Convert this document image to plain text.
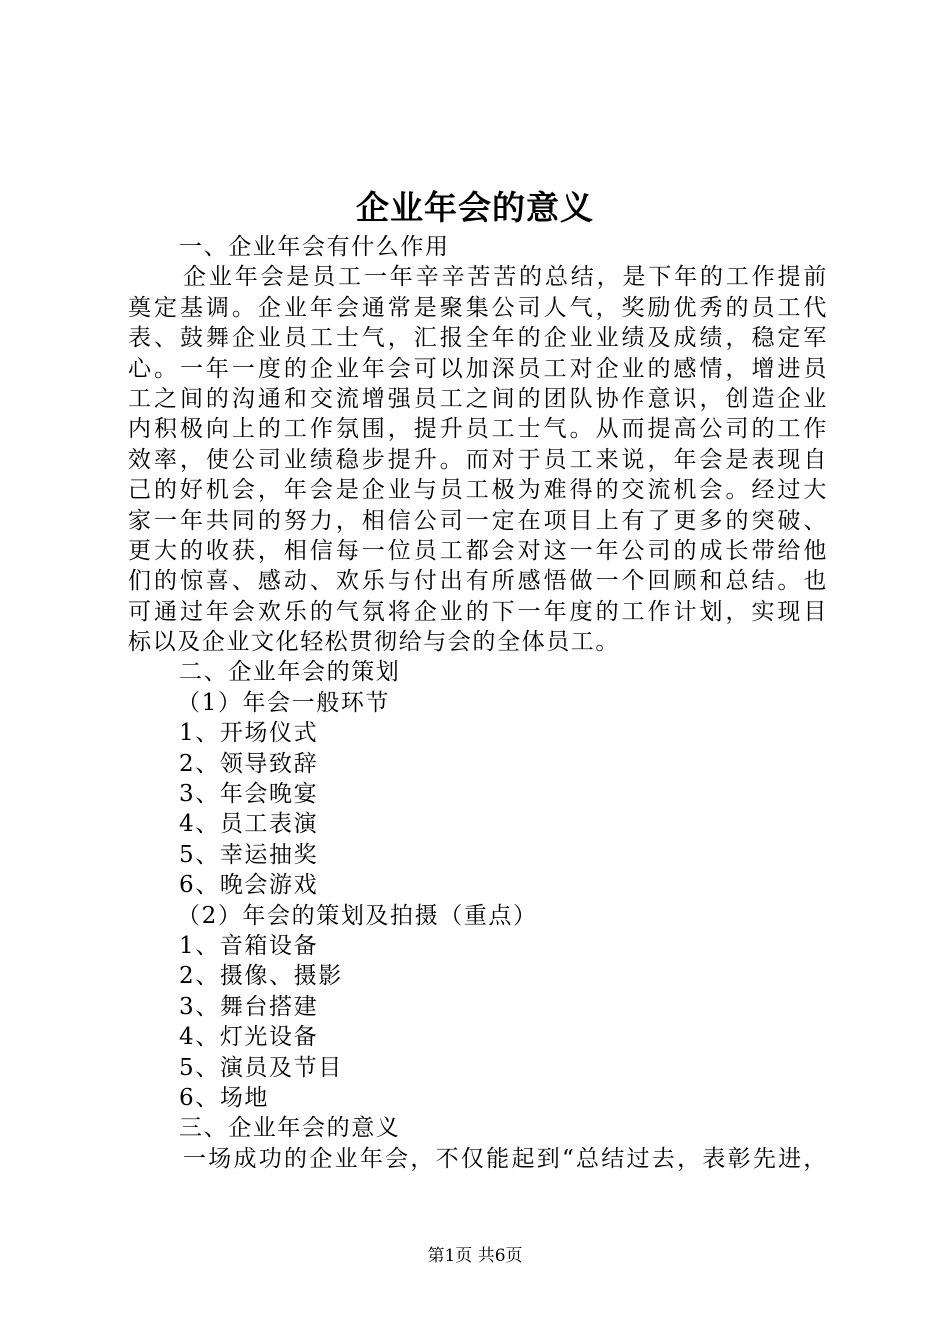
企业年会的意义

一、企业年会有什么作用

企业年会是员工一年辛辛苦苦的总结，是下年的工作提前

奠定基调。企业年会通常是聚集公司人气，奖励优秀的员工代

表、鼓舞企业员工士气，汇报全年的企业业绩及成绩，稳定军

心。一年一度的企业年会可以加深员工对企业的感情，增进员

工之间的沟通和交流增强员工之间的团队协作意识，创造企业

内积极向上的工作氛围，提升员工士气。从而提高公司的工作

效率，使公司业绩稳步提升。而对于员工来说，年会是表现自

己的好机会，年会是企业与员工极为难得的交流机会。经过大

家一年共同的努力，相信公司一定在项目上有了更多的突破、

更大的收获，相信每一位员工都会对这一年公司的成长带给他

们的惊喜、感动、欢乐与付出有所感悟做一个回顾和总结。也

可通过年会欢乐的气氛将企业的下一年度的工作计划，实现目

标以及企业文化轻松贯彻给与会的全体员工。

二、企业年会的策划

（1）年会一般环节

1、开场仪式

2、领导致辞

3、年会晚宴

4、员工表演

5、幸运抽奖

6、晚会游戏

（2）年会的策划及拍摄（重点）

1、音箱设备

2、摄像、摄影

3、舞台搭建

4、灯光设备

5、演员及节目

6、场地

三、企业年会的意义

一场成功的企业年会，不仅能起到“总结过去，表彰先进，

第1页 共6页
